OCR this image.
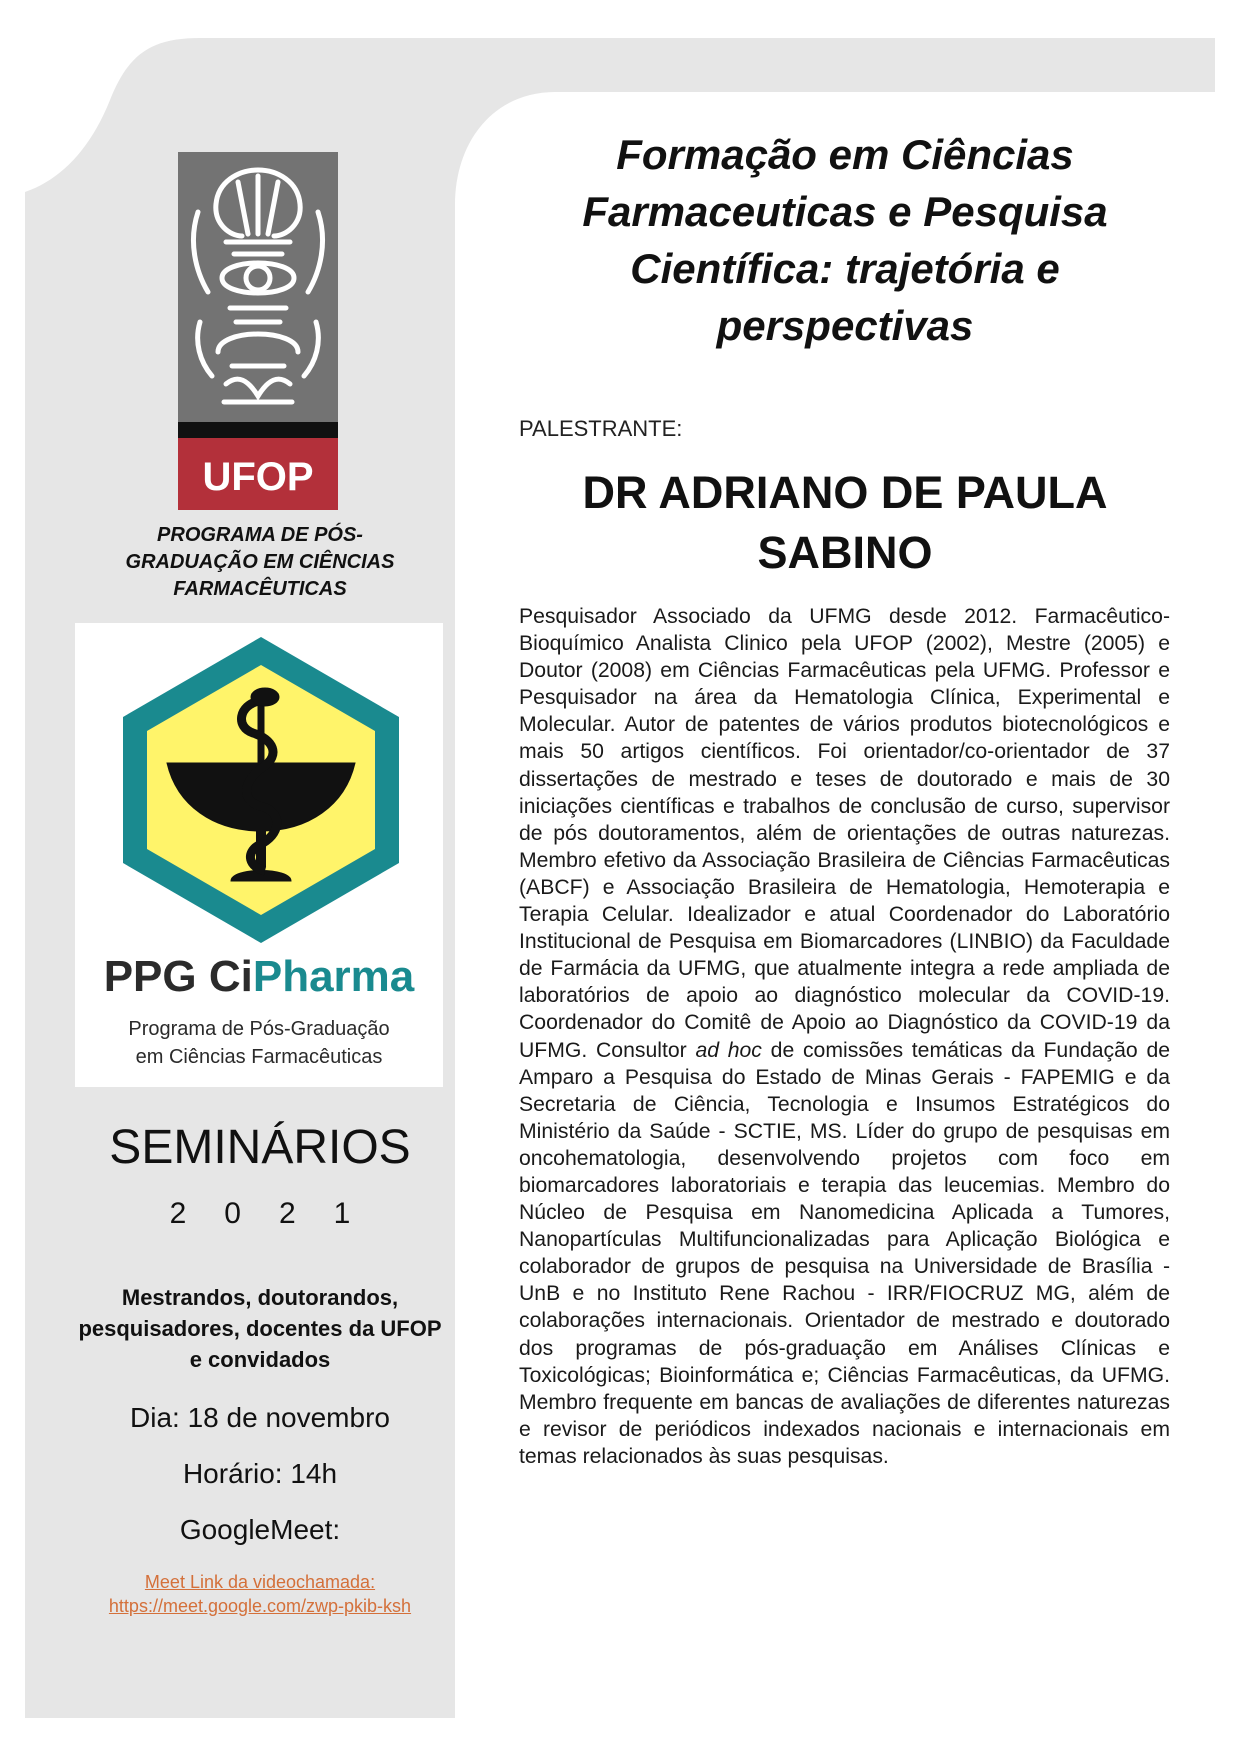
UFOP

PROGRAMA DE PÓS-GRADUAÇÃO EM CIÊNCIAS FARMACÊUTICAS

PPG CiPharma
Programa de Pós-Graduação
em Ciências Farmacêuticas
SEMINÁRIOS
2021

Mestrandos, doutorandos, pesquisadores, docentes da UFOP e convidados

Dia: 18 de novembro
Horário: 14h
GoogleMeet:
Meet Link da videochamada: https://meet.google.com/zwp-pkib-ksh
Formação em Ciências Farmaceuticas e Pesquisa Científica: trajetória e perspectivas
PALESTRANTE:
DR ADRIANO DE PAULA SABINO

Pesquisador Associado da UFMG desde 2012. Farmacêutico-Bioquímico Analista Clinico pela UFOP (2002), Mestre (2005) e Doutor (2008) em Ciências Farmacêuticas pela UFMG. Professor e Pesquisador na área da Hematologia Clínica, Experimental e Molecular. Autor de patentes de vários produtos biotecnológicos e mais 50 artigos científicos. Foi orientador/co-orientador de 37 dissertações de mestrado e teses de doutorado e mais de 30 iniciações científicas e trabalhos de conclusão de curso, supervisor de pós doutoramentos, além de orientações de outras naturezas. Membro efetivo da Associação Brasileira de Ciências Farmacêuticas (ABCF) e Associação Brasileira de Hematologia, Hemoterapia e Terapia Celular. Idealizador e atual Coordenador do Laboratório Institucional de Pesquisa em Biomarcadores (LINBIO) da Faculdade de Farmácia da UFMG, que atualmente integra a rede ampliada de laboratórios de apoio ao diagnóstico molecular da COVID-19. Coordenador do Comitê de Apoio ao Diagnóstico da COVID-19 da UFMG. Consultor ad hoc de comissões temáticas da Fundação de Amparo a Pesquisa do Estado de Minas Gerais - FAPEMIG e da Secretaria de Ciência, Tecnologia e Insumos Estratégicos do Ministério da Saúde - SCTIE, MS. Líder do grupo de pesquisas em oncohematologia, desenvolvendo projetos com foco em biomarcadores laboratoriais e terapia das leucemias. Membro do Núcleo de Pesquisa em Nanomedicina Aplicada a Tumores, Nanopartículas Multifuncionalizadas para Aplicação Biológica e colaborador de grupos de pesquisa na Universidade de Brasília - UnB e no Instituto Rene Rachou - IRR/FIOCRUZ MG, além de colaborações internacionais. Orientador de mestrado e doutorado dos programas de pós-graduação em Análises Clínicas e Toxicológicas; Bioinformática e; Ciências Farmacêuticas, da UFMG. Membro frequente em bancas de avaliações de diferentes naturezas e revisor de periódicos indexados nacionais e internacionais em temas relacionados às suas pesquisas.
